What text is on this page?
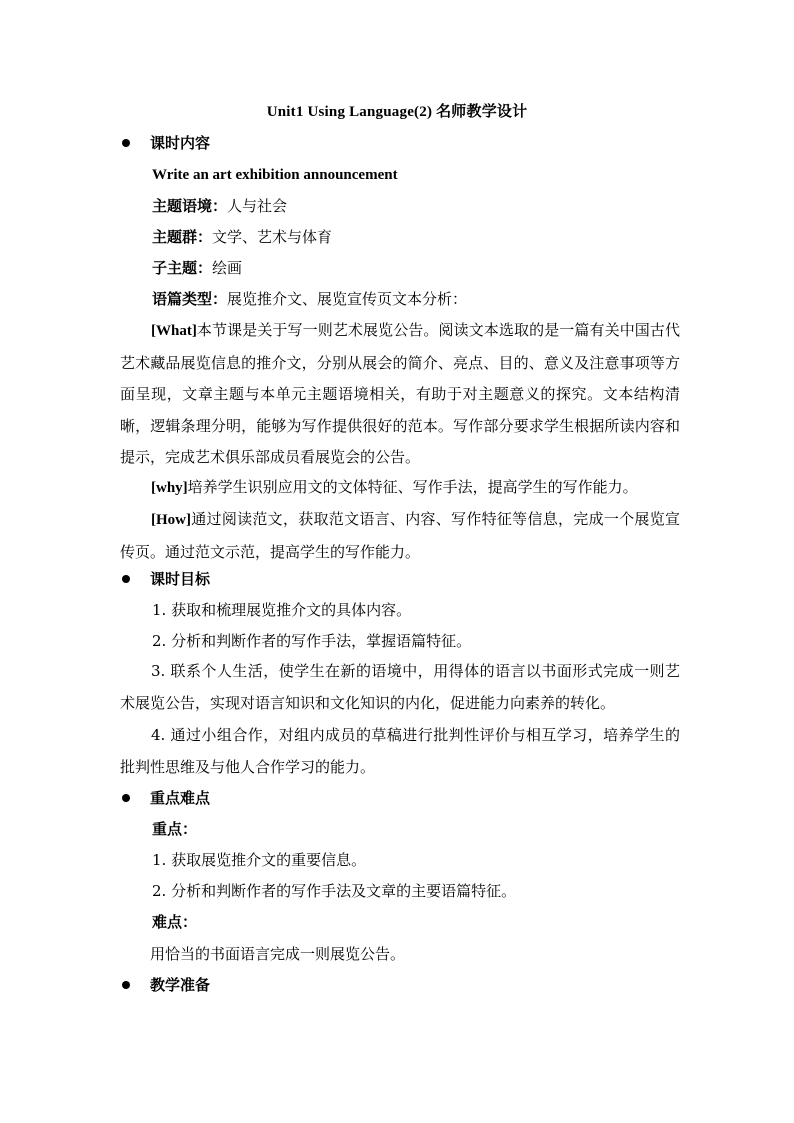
Unit1 Using Language(2) 名师教学设计
课时内容
Write an art exhibition announcement
主题语境：人与社会
主题群：文学、艺术与体育
子主题：绘画
语篇类型：展览推介文、展览宣传页文本分析：
[What]本节课是关于写一则艺术展览公告。阅读文本选取的是一篇有关中国古代艺术藏品展览信息的推介文，分别从展会的简介、亮点、目的、意义及注意事项等方面呈现，文章主题与本单元主题语境相关，有助于对主题意义的探究。文本结构清晰，逻辑条理分明，能够为写作提供很好的范本。写作部分要求学生根据所读内容和提示，完成艺术俱乐部成员看展览会的公告。
[why]培养学生识别应用文的文体特征、写作手法，提高学生的写作能力。
[How]通过阅读范文，获取范文语言、内容、写作特征等信息，完成一个展览宣传页。通过范文示范，提高学生的写作能力。
课时目标
1. 获取和梳理展览推介文的具体内容。
2. 分析和判断作者的写作手法，掌握语篇特征。
3. 联系个人生活，使学生在新的语境中，用得体的语言以书面形式完成一则艺术展览公告，实现对语言知识和文化知识的内化，促进能力向素养的转化。
4. 通过小组合作，对组内成员的草稿进行批判性评价与相互学习，培养学生的批判性思维及与他人合作学习的能力。
重点难点
重点：
1. 获取展览推介文的重要信息。
2. 分析和判断作者的写作手法及文章的主要语篇特征。
难点：
用恰当的书面语言完成一则展览公告。
教学准备
